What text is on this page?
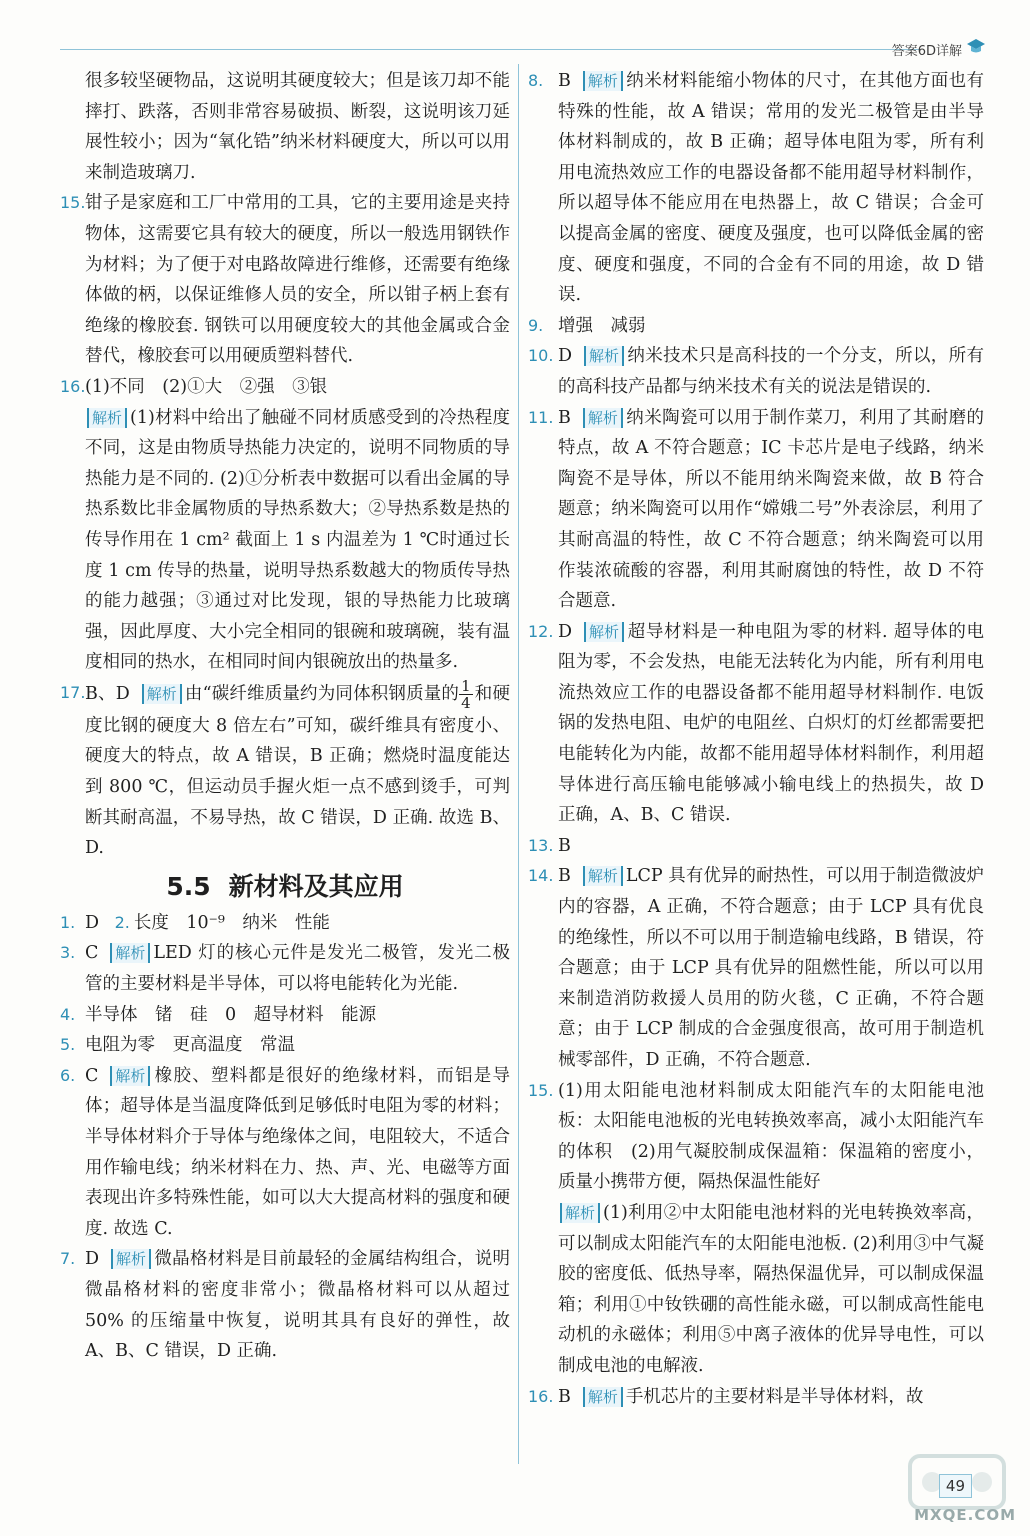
答案6D详解

很多较坚硬物品，这说明其硬度较大；但是该刀却不能摔打、跌落，否则非常容易破损、断裂，这说明该刀延展性较小；因为“氧化锆”纳米材料硬度大，所以可以用来制造玻璃刀.

15. 钳子是家庭和工厂中常用的工具，它的主要用途是夹持物体，这需要它具有较大的硬度，所以一般选用钢铁作为材料；为了便于对电路故障进行维修，还需要有绝缘体做的柄，以保证维修人员的安全，所以钳子柄上套有绝缘的橡胶套. 钢铁可以用硬度较大的其他金属或合金替代，橡胶套可以用硬质塑料替代.

16. (1)不同　(2)①大　②强　③银

解析 (1)材料中给出了触碰不同材质感受到的冷热程度不同，这是由物质导热能力决定的，说明不同物质的导热能力是不同的. (2)①分析表中数据可以看出金属的导热系数比非金属物质的导热系数大；②导热系数是热的传导作用在 1 cm² 截面上 1 s 内温差为 1 ℃时通过长度 1 cm 传导的热量，说明导热系数越大的物质传导热的能力越强；③通过对比发现，银的导热能力比玻璃强，因此厚度、大小完全相同的银碗和玻璃碗，装有温度相同的热水，在相同时间内银碗放出的热量多.

17. B、D 解析 由“碳纤维质量约为同体积钢质量的 $\frac{1}{4}$ 和硬度比钢的硬度大 8 倍左右”可知，碳纤维具有密度小、硬度大的特点，故 A 错误，B 正确；燃烧时温度能达到 800 ℃，但运动员手握火炬一点不感到烫手，可判断其耐高温，不易导热，故 C 错误，D 正确. 故选 B、D.

5.5 新材料及其应用

1. D 2. 长度　10⁻⁹　纳米　性能

3. C 解析 LED 灯的核心元件是发光二极管，发光二极管的主要材料是半导体，可以将电能转化为光能.

4. 半导体　锗　硅　0　超导材料　能源

5. 电阻为零　更高温度　常温

6. C 解析 橡胶、塑料都是很好的绝缘材料，而铝是导体；超导体是当温度降低到足够低时电阻为零的材料；半导体材料介于导体与绝缘体之间，电阻较大，不适合用作输电线；纳米材料在力、热、声、光、电磁等方面表现出许多特殊性能，如可以大大提高材料的强度和硬度. 故选 C.

7. D 解析 微晶格材料是目前最轻的金属结构组合，说明微晶格材料的密度非常小；微晶格材料可以从超过 50% 的压缩量中恢复，说明其具有良好的弹性，故 A、B、C 错误，D 正确.

8. B 解析 纳米材料能缩小物体的尺寸，在其他方面也有特殊的性能，故 A 错误；常用的发光二极管是由半导体材料制成的，故 B 正确；超导体电阻为零，所有利用电流热效应工作的电器设备都不能用超导材料制作，所以超导体不能应用在电热器上，故 C 错误；合金可以提高金属的密度、硬度及强度，也可以降低金属的密度、硬度和强度，不同的合金有不同的用途，故 D 错误.

9. 增强　减弱

10. D 解析 纳米技术只是高科技的一个分支，所以，所有的高科技产品都与纳米技术有关的说法是错误的.

11. B 解析 纳米陶瓷可以用于制作菜刀，利用了其耐磨的特点，故 A 不符合题意；IC 卡芯片是电子线路，纳米陶瓷不是导体，所以不能用纳米陶瓷来做，故 B 符合题意；纳米陶瓷可以用作“嫦娥二号”外表涂层，利用了其耐高温的特性，故 C 不符合题意；纳米陶瓷可以用作装浓硫酸的容器，利用其耐腐蚀的特性，故 D 不符合题意.

12. D 解析 超导材料是一种电阻为零的材料. 超导体的电阻为零，不会发热，电能无法转化为内能，所有利用电流热效应工作的电器设备都不能用超导材料制作. 电饭锅的发热电阻、电炉的电阻丝、白炽灯的灯丝都需要把电能转化为内能，故都不能用超导体材料制作，利用超导体进行高压输电能够减小输电线上的热损失，故 D 正确，A、B、C 错误.

13. B

14. B 解析 LCP 具有优异的耐热性，可以用于制造微波炉内的容器，A 正确，不符合题意；由于 LCP 具有优良的绝缘性，所以不可以用于制造输电线路，B 错误，符合题意；由于 LCP 具有优异的阻燃性能，所以可以用来制造消防救援人员用的防火毯，C 正确，不符合题意；由于 LCP 制成的合金强度很高，故可用于制造机械零部件，D 正确，不符合题意.

15. (1)用太阳能电池材料制成太阳能汽车的太阳能电池板：太阳能电池板的光电转换效率高，减小太阳能汽车的体积　(2)用气凝胶制成保温箱：保温箱的密度小，质量小携带方便，隔热保温性能好

解析 (1)利用②中太阳能电池材料的光电转换效率高，可以制成太阳能汽车的太阳能电池板. (2)利用③中气凝胶的密度低、低热导率，隔热保温优异，可以制成保温箱；利用①中钕铁硼的高性能永磁，可以制成高性能电动机的永磁体；利用⑤中离子液体的优异导电性，可以制成电池的电解液.

16. B 解析 手机芯片的主要材料是半导体材料，故

MXQE.COM
49
